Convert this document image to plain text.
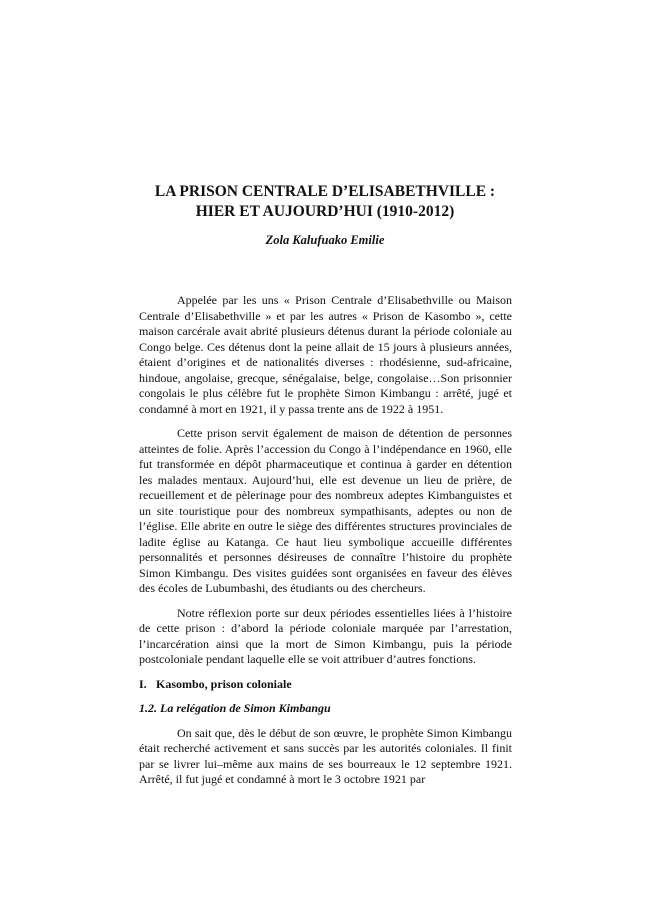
LA PRISON CENTRALE D’ELISABETHVILLE :
HIER ET AUJOURD’HUI (1910-2012)
Zola Kalufuako Emilie

Appelée par les uns « Prison Centrale d’Elisabethville ou Maison Centrale d’Elisabethville » et par les autres « Prison de Kasombo », cette maison carcérale avait abrité plusieurs détenus durant la période coloniale au Congo belge. Ces détenus dont la peine allait de 15 jours à plusieurs années, étaient d’origines et de nationalités diverses : rhodésienne, sud-africaine, hindoue, angolaise, grecque, sénégalaise, belge, congolaise…Son prisonnier congolais le plus célèbre fut le prophète Simon Kimbangu : arrêté, jugé et condamné à mort en 1921, il y passa trente ans de 1922 à 1951.

Cette prison servit également de maison de détention de personnes atteintes de folie. Après l’accession du Congo à l’indépendance en 1960, elle fut transformée en dépôt pharmaceutique et continua à garder en détention les malades mentaux. Aujourd’hui, elle est devenue un lieu de prière, de recueillement et de pèlerinage pour des nombreux adeptes Kimbanguistes et un site touristique pour des nombreux sympathisants, adeptes ou non de l’église. Elle abrite en outre le siège des différentes structures provinciales de ladite église au Katanga. Ce haut lieu symbolique accueille différentes personnalités et personnes désireuses de connaître l’histoire du prophète Simon Kimbangu. Des visites guidées sont organisées en faveur des élèves des écoles de Lubumbashi, des étudiants ou des chercheurs.

Notre réflexion porte sur deux périodes essentielles liées à l’histoire de cette prison : d’abord la période coloniale marquée par l’arrestation, l’incarcération ainsi que la mort de Simon Kimbangu, puis la période postcoloniale pendant laquelle elle se voit attribuer d’autres fonctions.

I. Kasombo, prison coloniale
1.2. La relégation de Simon Kimbangu

On sait que, dès le début de son œuvre, le prophète Simon Kimbangu était recherché activement et sans succès par les autorités coloniales. Il finit par se livrer lui–même aux mains de ses bourreaux le 12 septembre 1921. Arrêté, il fut jugé et condamné à mort le 3 octobre 1921 par
